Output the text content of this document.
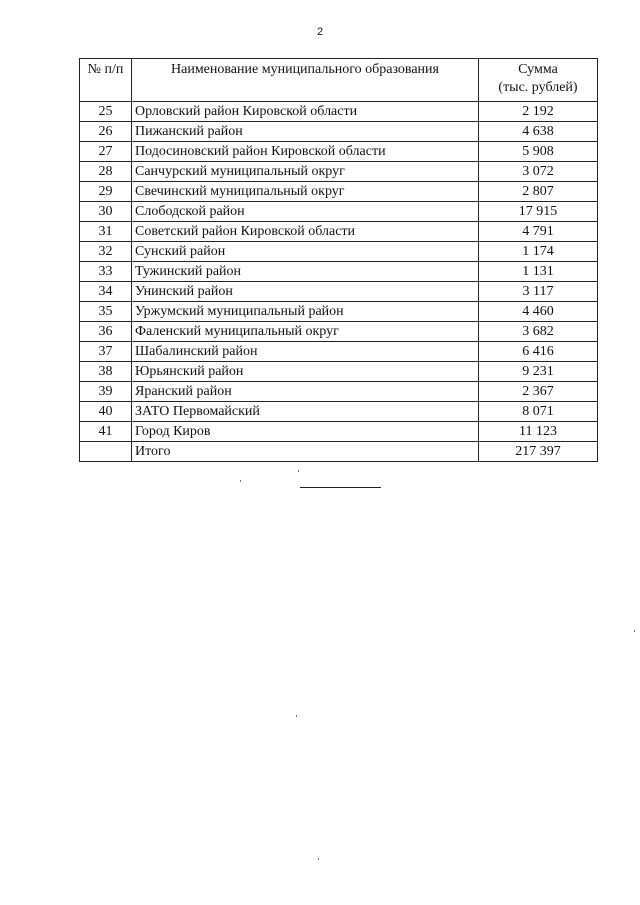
2
№ п/п	Наименование муниципального образования	Сумма
(тыс. рублей)

25	Орловский район Кировской области	2 192
26	Пижанский район	4 638
27	Подосиновский район Кировской области	5 908
28	Санчурский муниципальный округ	3 072
29	Свечинский муниципальный округ	2 807
30	Слободской район	17 915
31	Советский район Кировской области	4 791
32	Сунский район	1 174
33	Тужинский район	1 131
34	Унинский район	3 117
35	Уржумский муниципальный район	4 460
36	Фаленский муниципальный округ	3 682
37	Шабалинский район	6 416
38	Юрьянский район	9 231
39	Яранский район	2 367
40	ЗАТО Первомайский	8 071
41	Город Киров	11 123
	Итого	217 397
